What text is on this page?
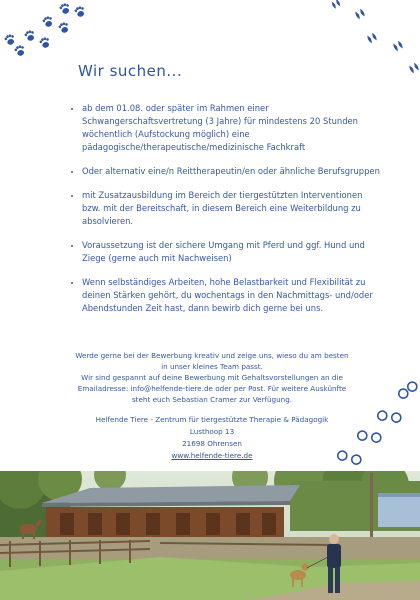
Wir suchen...
• ab dem 01.08. oder später im Rahmen einer Schwangerschaftsvertretung (3 Jahre) für mindestens 20 Stunden wöchentlich (Aufstockung möglich) eine pädagogische/therapeutische/medizinische Fachkraft
• Oder alternativ eine/n Reittherapeutin/en oder ähnliche Berufsgruppen
• mit Zusatzausbildung im Bereich der tiergestützten Interventionen bzw. mit der Bereitschaft, in diesem Bereich eine Weiterbildung zu absolvieren.
• Voraussetzung ist der sichere Umgang mit Pferd und ggf. Hund und Ziege (gerne auch mit Nachweisen)
• Wenn selbständiges Arbeiten, hohe Belastbarkeit und Flexibilität zu deinen Stärken gehört, du wochentags in den Nachmittags- und/oder Abendstunden Zeit hast, dann bewirb dich gerne bei uns.

Werde gerne bei der Bewerbung kreativ und zeige uns, wieso du am besten in unser kleines Team passt.

Wir sind gespannt auf deine Bewerbung mit Gehaltsvorstellungen an die Emailadresse: info@helfende-tiere.de oder per Post. Für weitere Auskünfte steht euch Sebastian Cramer zur Verfügung.

Helfende Tiere - Zentrum für tiergestützte Therapie & Pädagogik
Lusthoop 13
21698 Ohrensen
www.helfende-tiere.de
